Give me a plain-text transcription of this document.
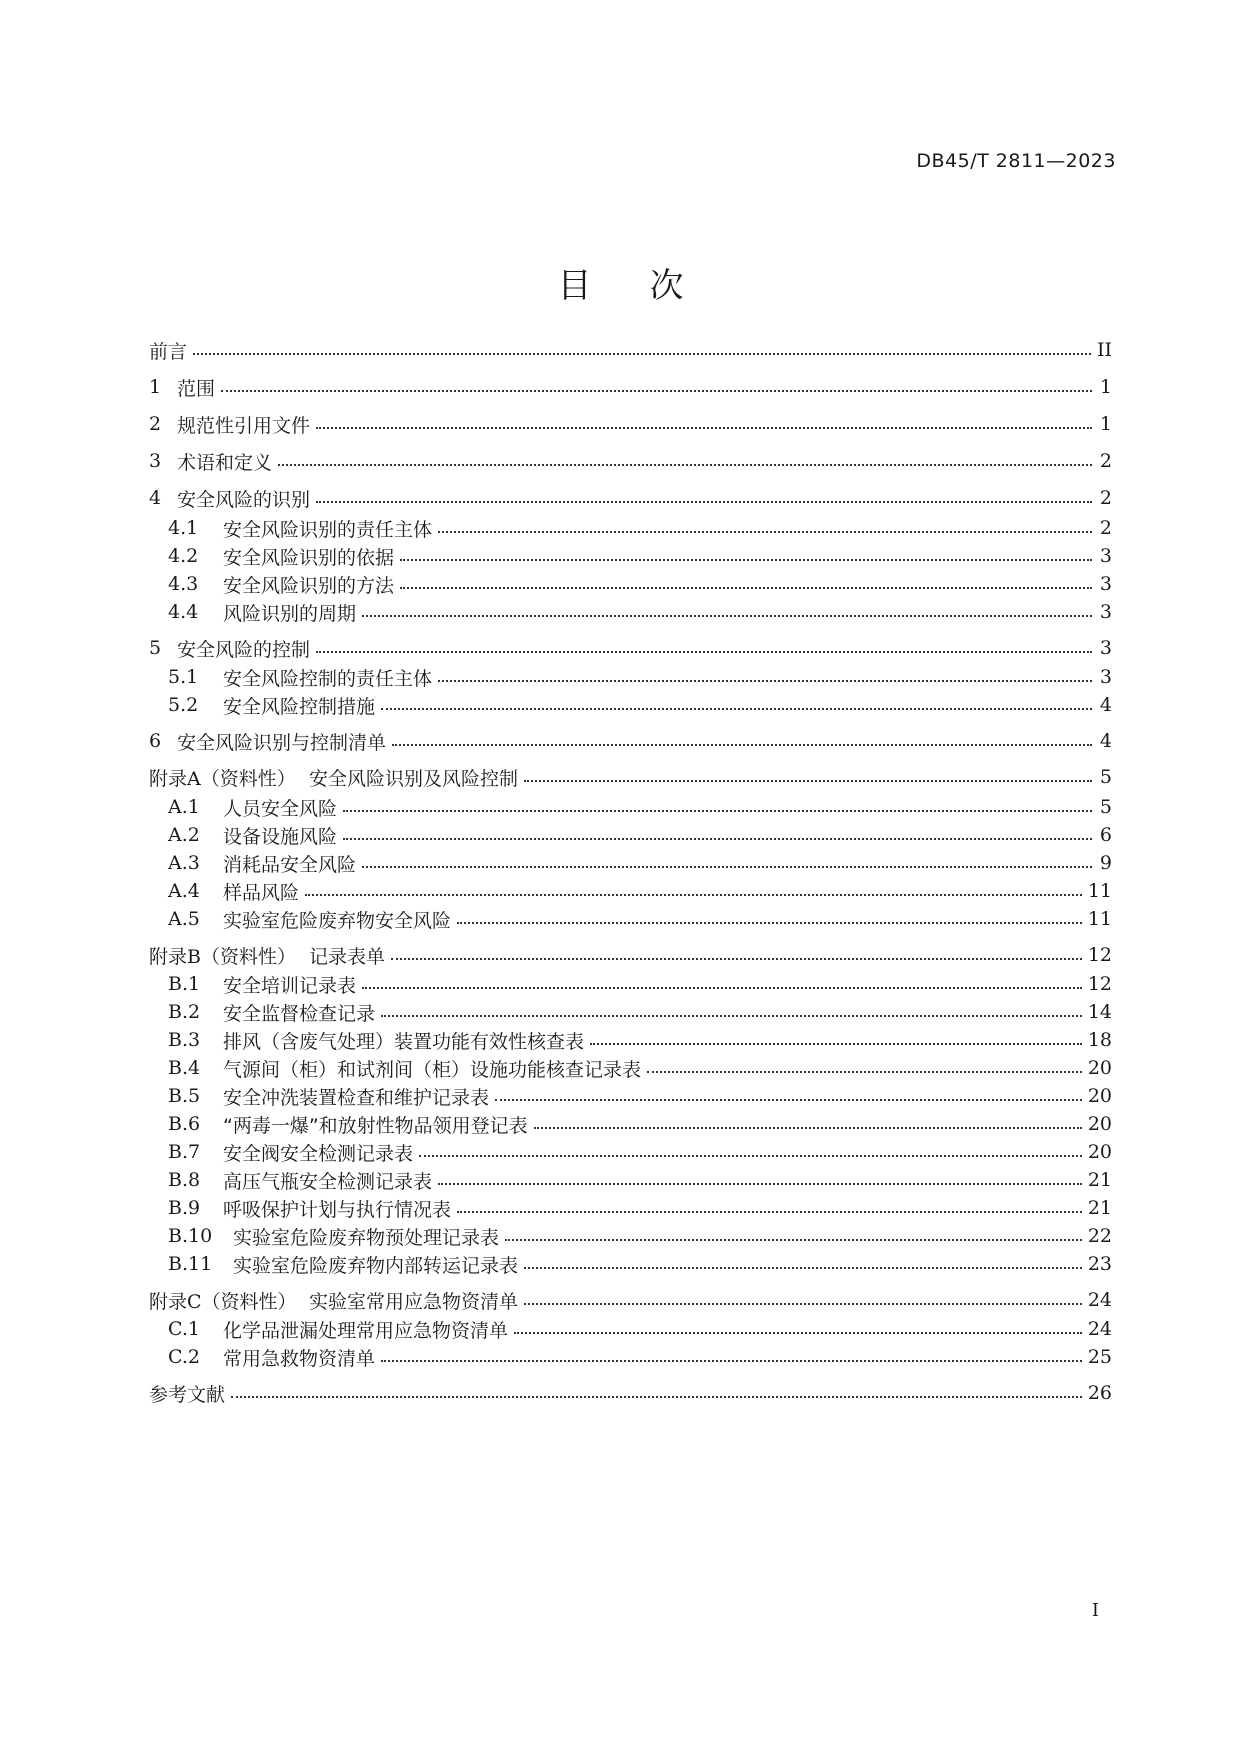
DB45/T 2811—2023
目次
前言	II
1 范围	1
2 规范性引用文件	1
3 术语和定义	2
4 安全风险的识别	2
4.1	安全风险识别的责任主体	2
4.2	安全风险识别的依据	3
4.3	安全风险识别的方法	3
4.4	风险识别的周期	3
5 安全风险的控制	3
5.1	安全风险控制的责任主体	3
5.2	安全风险控制措施	4
6 安全风险识别与控制清单	4
附录A（资料性） 安全风险识别及风险控制	5
A.1	人员安全风险	5
A.2	设备设施风险	6
A.3	消耗品安全风险	9
A.4	样品风险	11
A.5	实验室危险废弃物安全风险	11
附录B（资料性） 记录表单	12
B.1	安全培训记录表	12
B.2	安全监督检查记录	14
B.3	排风（含废气处理）装置功能有效性核查表	18
B.4	气源间（柜）和试剂间（柜）设施功能核查记录表	20
B.5	安全冲洗装置检查和维护记录表	20
B.6	“两毒一爆”和放射性物品领用登记表	20
B.7	安全阀安全检测记录表	20
B.8	高压气瓶安全检测记录表	21
B.9	呼吸保护计划与执行情况表	21
B.10	实验室危险废弃物预处理记录表	22
B.11	实验室危险废弃物内部转运记录表	23
附录C（资料性） 实验室常用应急物资清单	24
C.1	化学品泄漏处理常用应急物资清单	24
C.2	常用急救物资清单	25
参考文献	26
I
